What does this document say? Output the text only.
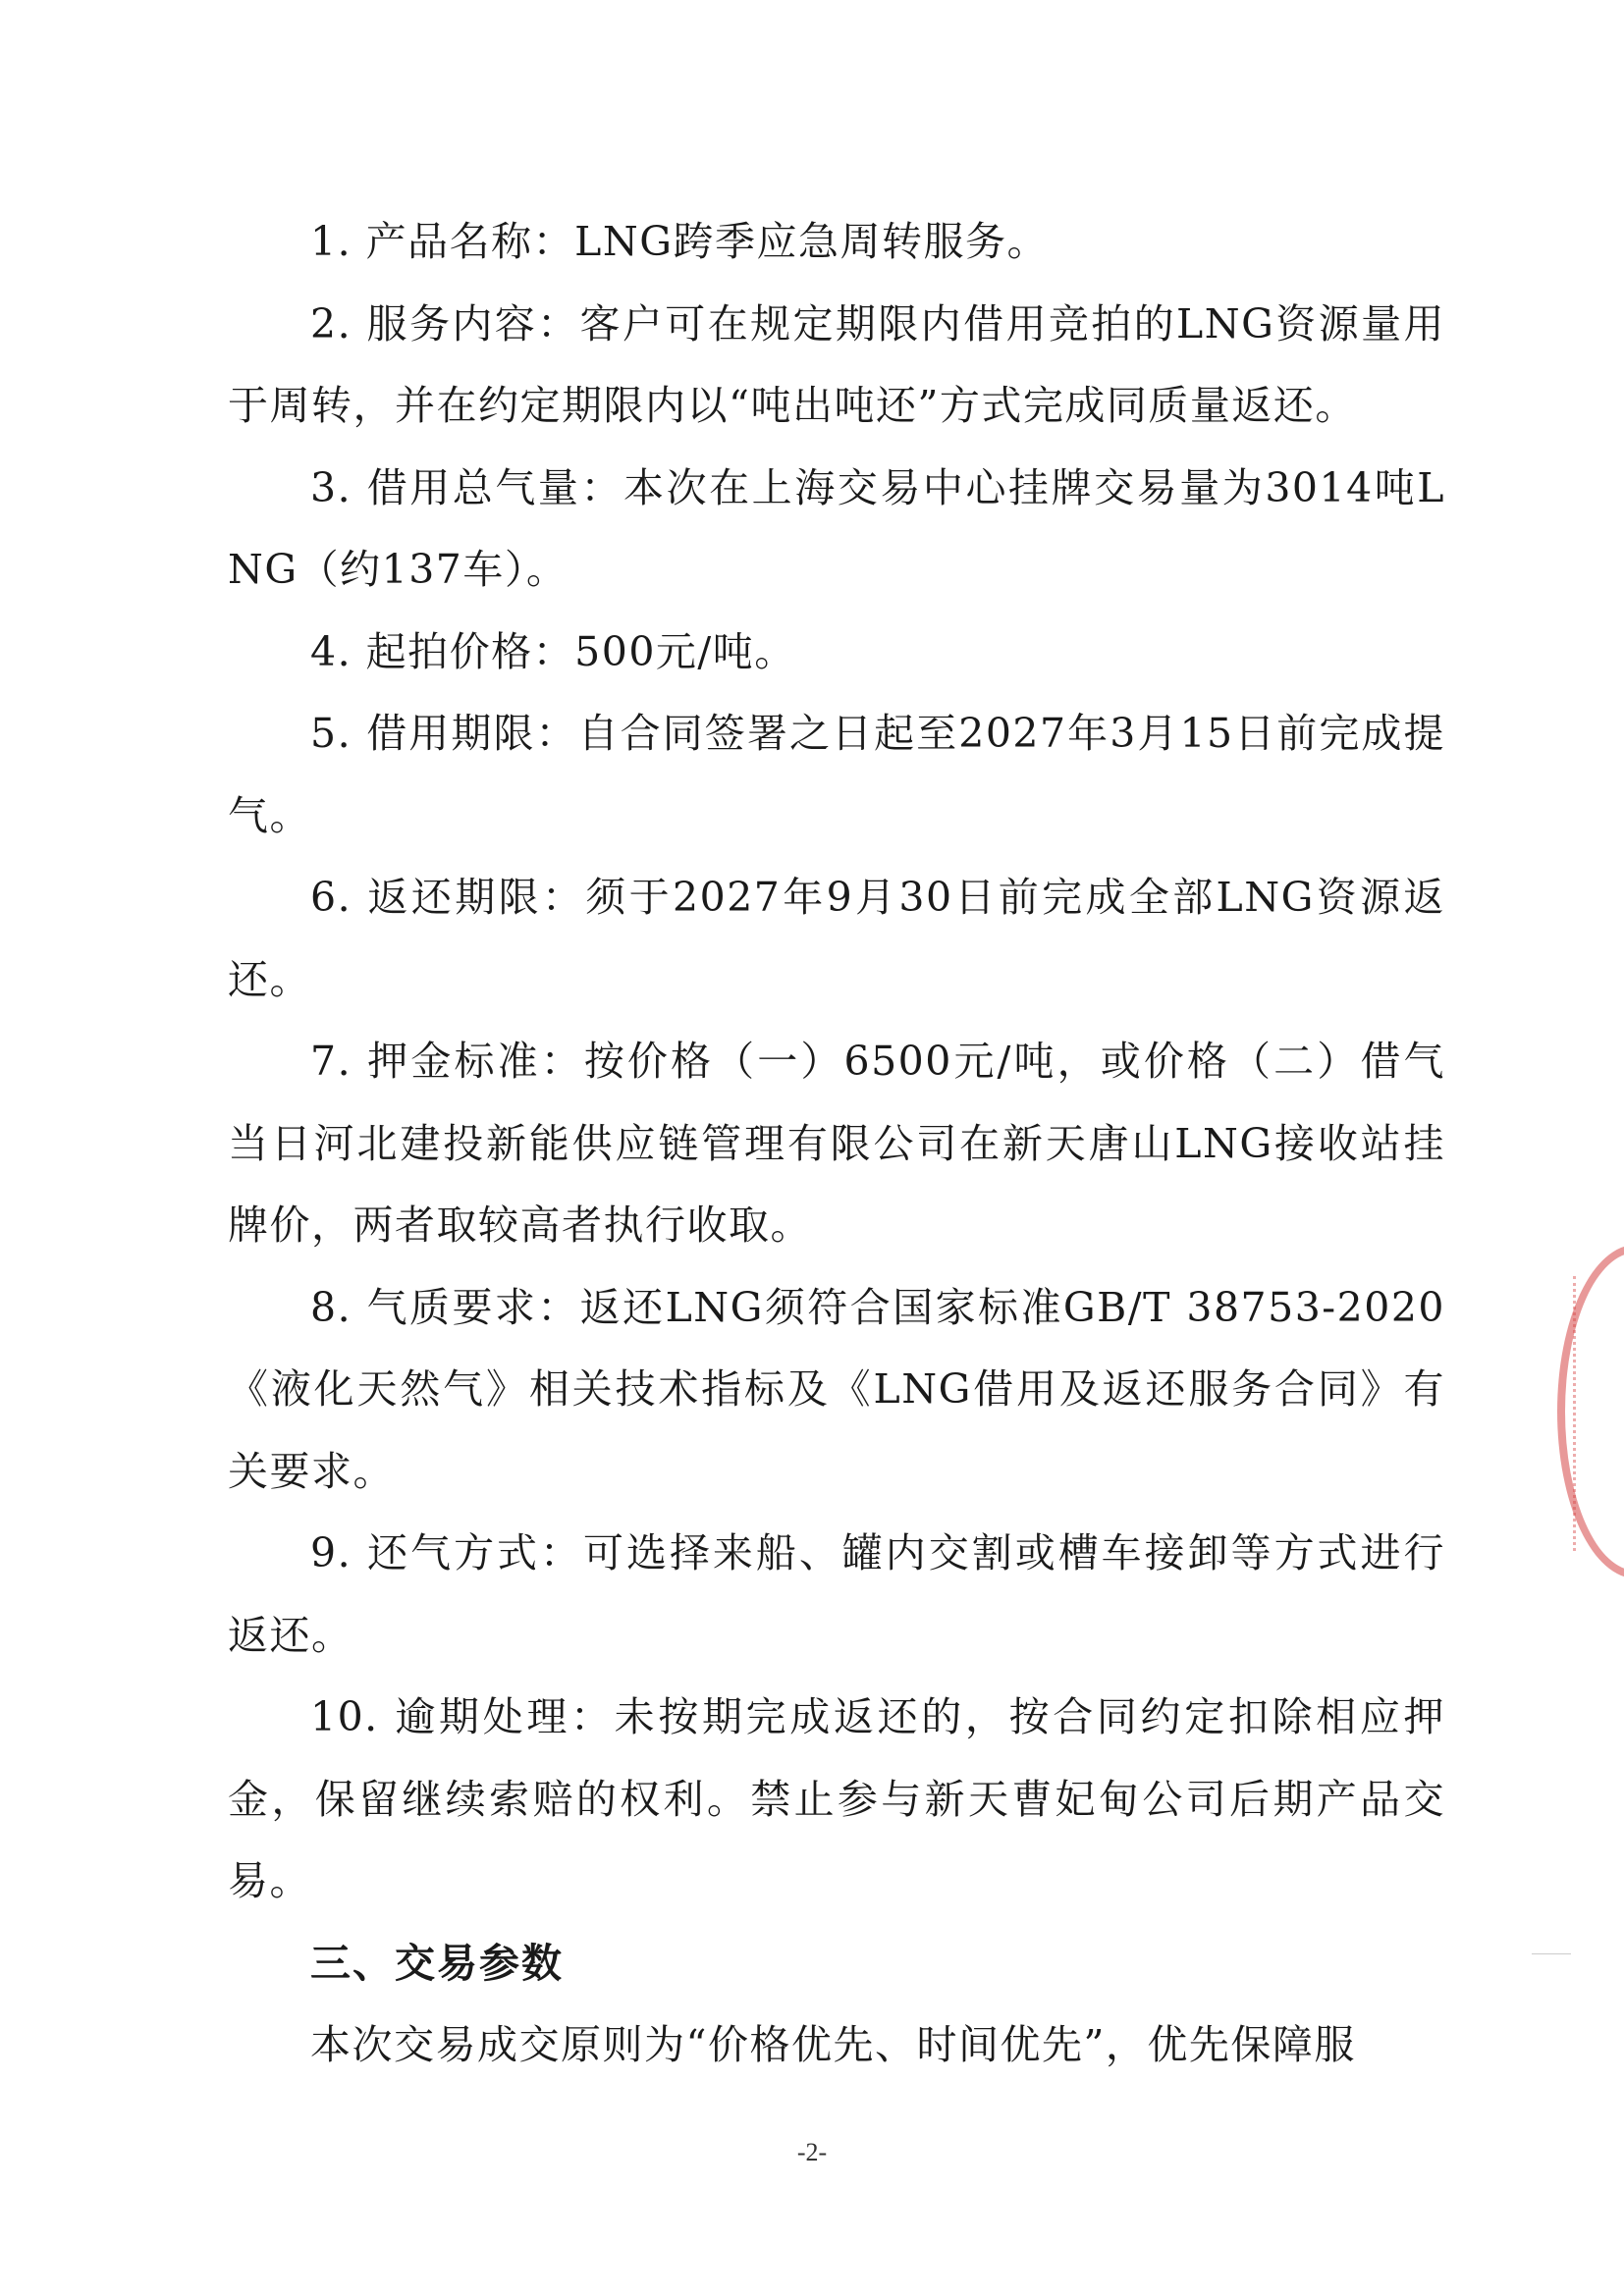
1. 产品名称：LNG跨季应急周转服务。

2. 服务内容：客户可在规定期限内借用竞拍的LNG资源量用于周转，并在约定期限内以“吨出吨还”方式完成同质量返还。

3. 借用总气量：本次在上海交易中心挂牌交易量为3014吨LNG（约137车）。

4. 起拍价格：500元/吨。

5. 借用期限：自合同签署之日起至2027年3月15日前完成提气。

6. 返还期限：须于2027年9月30日前完成全部LNG资源返还。

7. 押金标准：按价格（一）6500元/吨，或价格（二）借气当日河北建投新能供应链管理有限公司在新天唐山LNG接收站挂牌价，两者取较高者执行收取。

8. 气质要求：返还LNG须符合国家标准GB/T 38753-2020《液化天然气》相关技术指标及《LNG借用及返还服务合同》有关要求。

9. 还气方式：可选择来船、罐内交割或槽车接卸等方式进行返还。

10. 逾期处理：未按期完成返还的，按合同约定扣除相应押金，保留继续索赔的权利。禁止参与新天曹妃甸公司后期产品交易。

三、交易参数

本次交易成交原则为“价格优先、时间优先”，优先保障服

-2-
